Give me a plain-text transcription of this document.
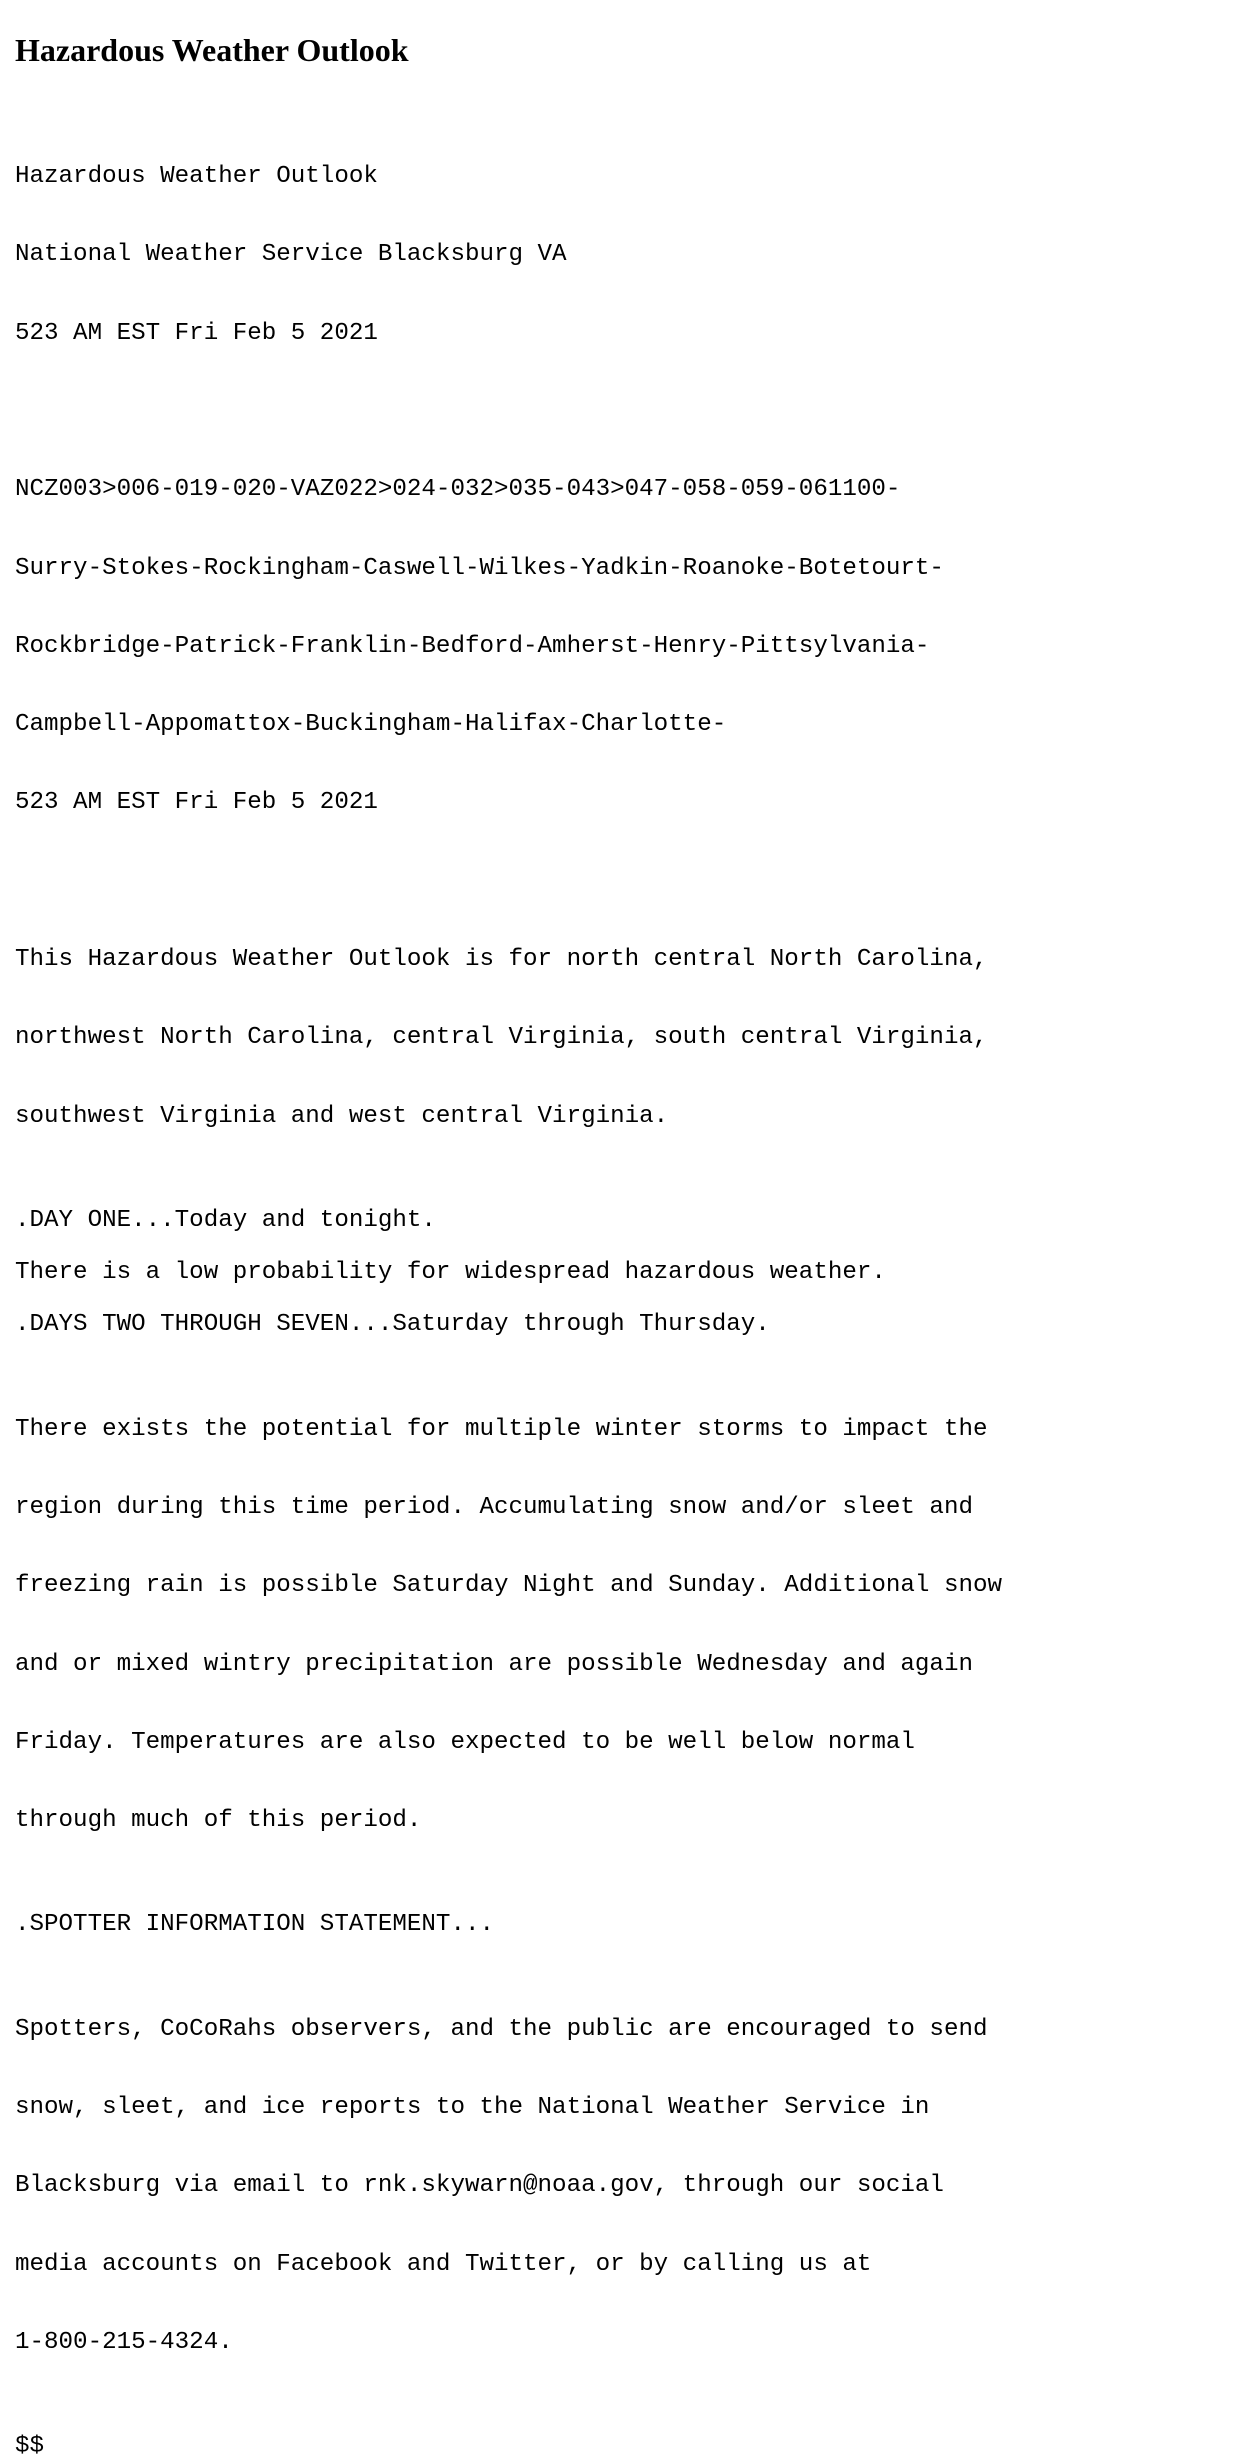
Hazardous Weather Outlook

Hazardous Weather Outlook

National Weather Service Blacksburg VA

523 AM EST Fri Feb 5 2021

NCZ003>006-019-020-VAZ022>024-032>035-043>047-058-059-061100-

Surry-Stokes-Rockingham-Caswell-Wilkes-Yadkin-Roanoke-Botetourt-

Rockbridge-Patrick-Franklin-Bedford-Amherst-Henry-Pittsylvania-

Campbell-Appomattox-Buckingham-Halifax-Charlotte-

523 AM EST Fri Feb 5 2021

This Hazardous Weather Outlook is for north central North Carolina,

northwest North Carolina, central Virginia, south central Virginia,

southwest Virginia and west central Virginia.

.DAY ONE...Today and tonight.
There is a low probability for widespread hazardous weather.
.DAYS TWO THROUGH SEVEN...Saturday through Thursday.

There exists the potential for multiple winter storms to impact the

region during this time period. Accumulating snow and/or sleet and

freezing rain is possible Saturday Night and Sunday. Additional snow

and or mixed wintry precipitation are possible Wednesday and again

Friday. Temperatures are also expected to be well below normal

through much of this period.

.SPOTTER INFORMATION STATEMENT...

Spotters, CoCoRahs observers, and the public are encouraged to send

snow, sleet, and ice reports to the National Weather Service in

Blacksburg via email to rnk.skywarn@noaa.gov, through our social

media accounts on Facebook and Twitter, or by calling us at

1-800-215-4324.

$$
